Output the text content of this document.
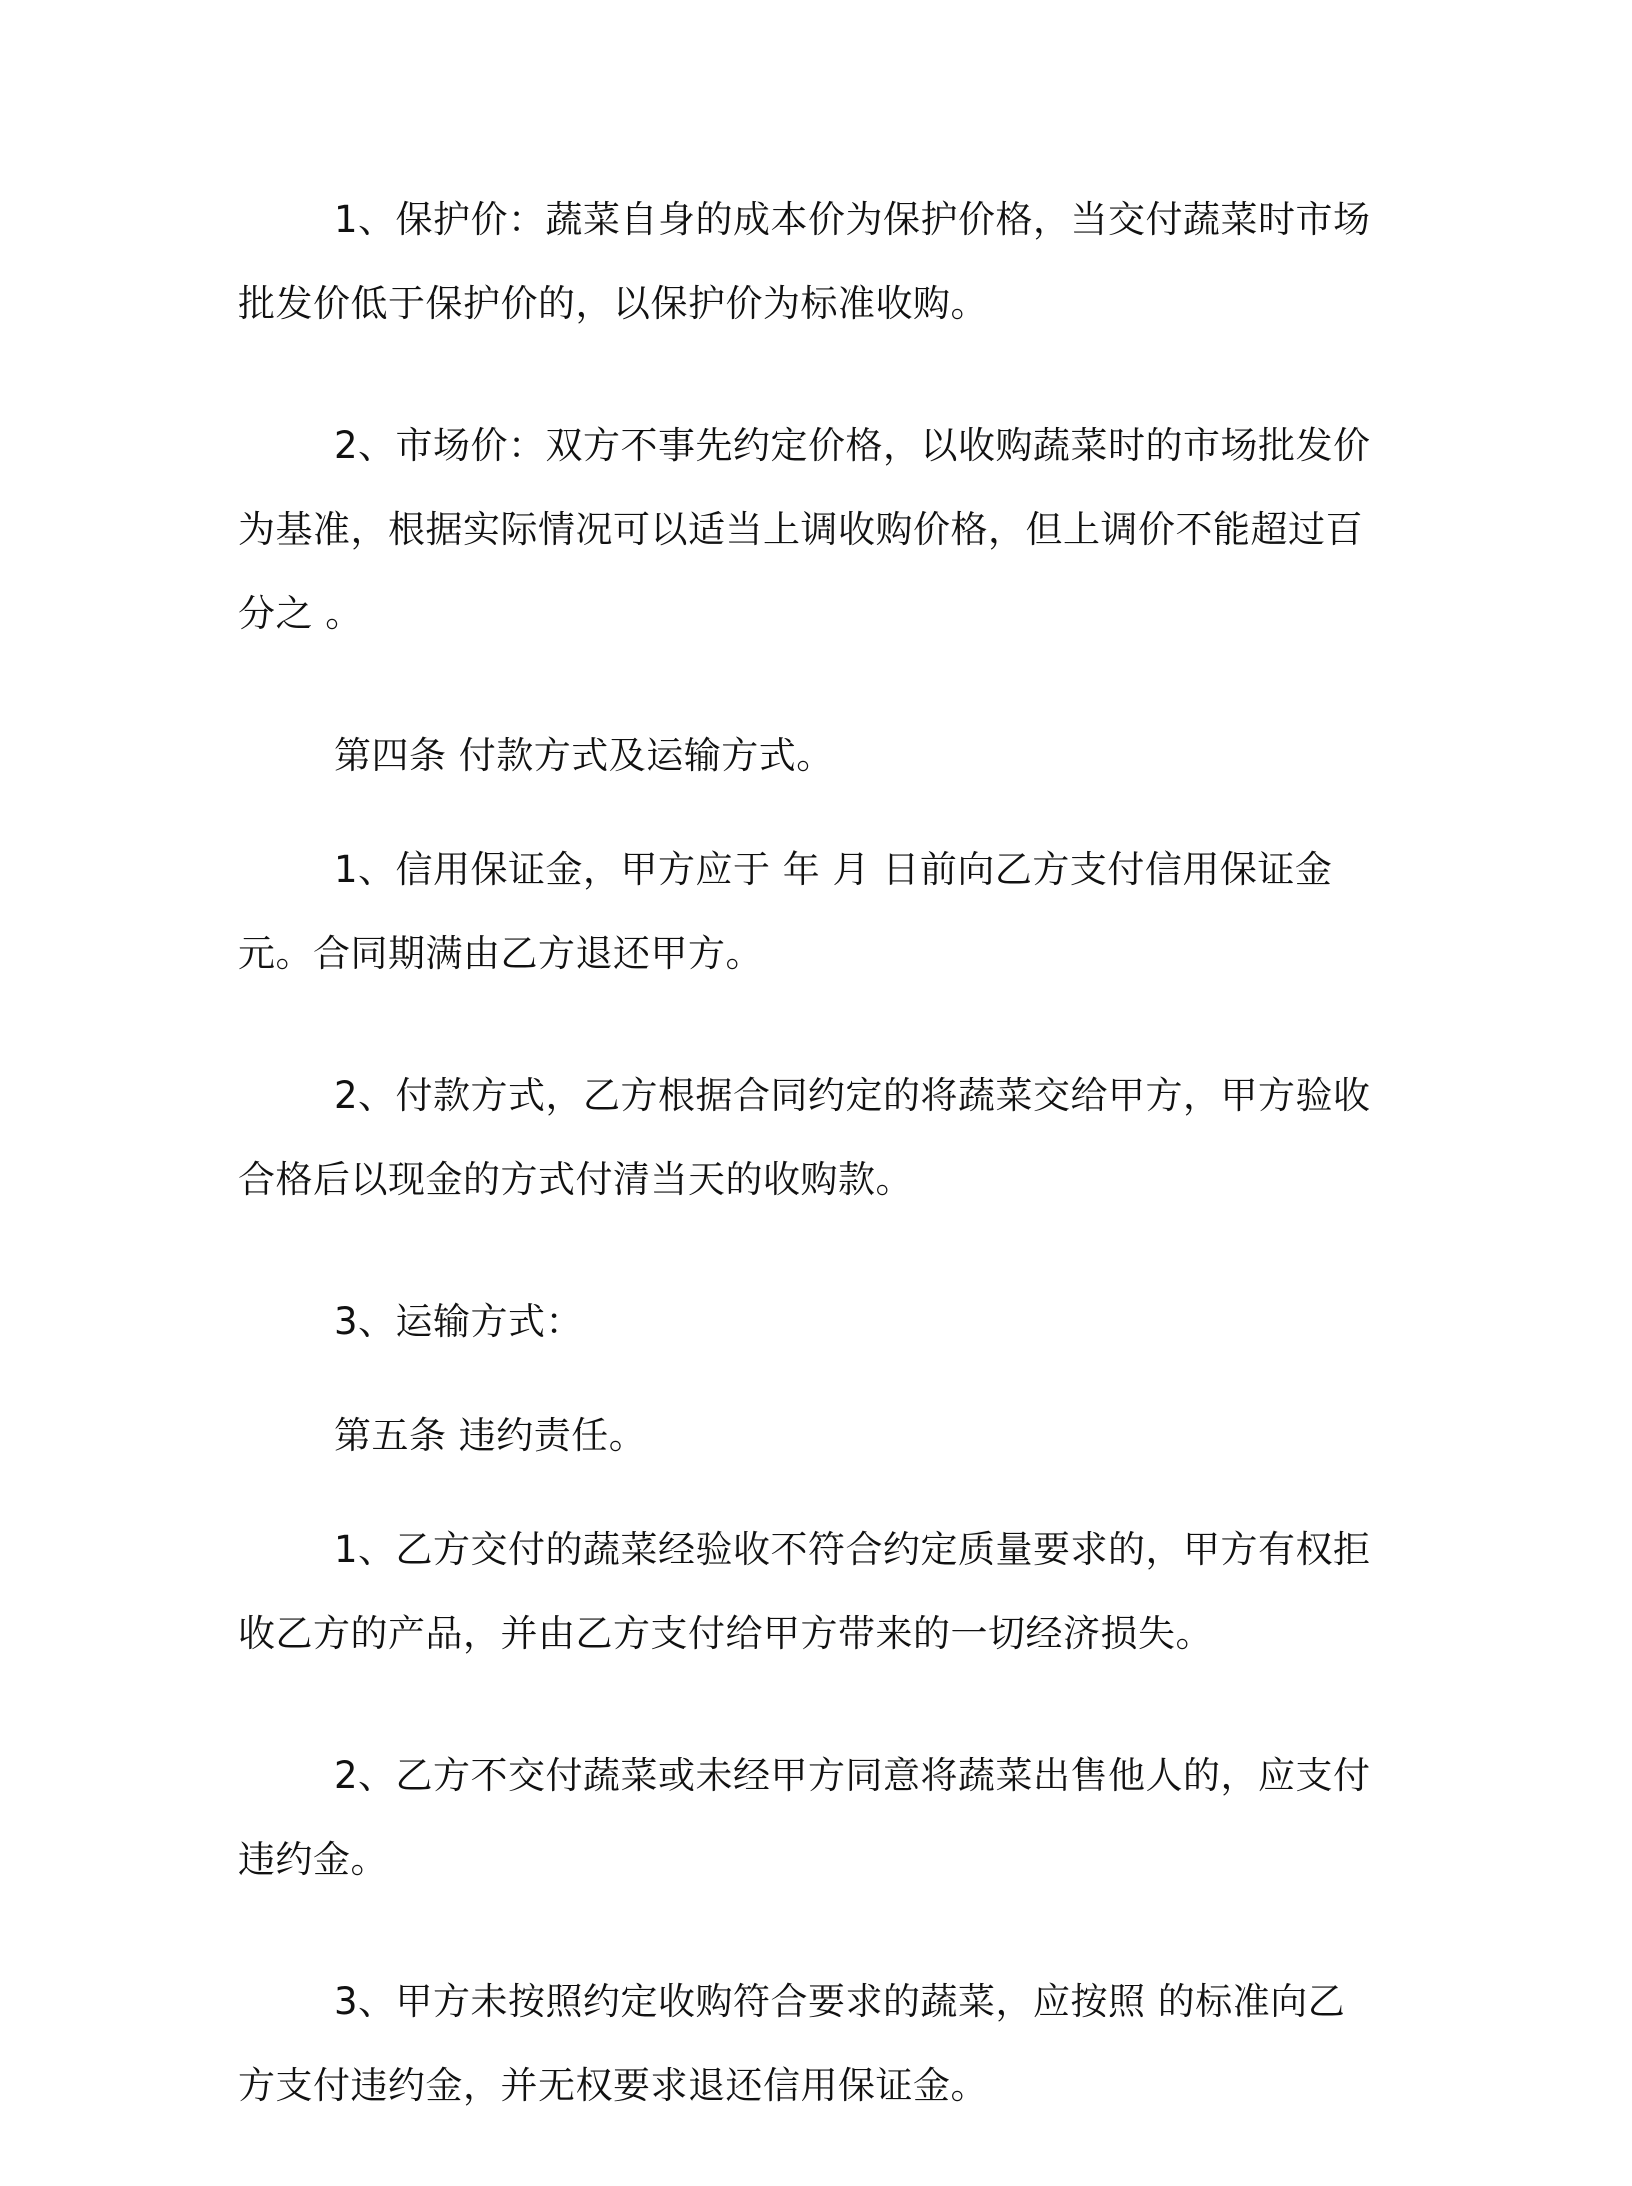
1、保护价：蔬菜自身的成本价为保护价格，当交付蔬菜时市场批发价低于保护价的，以保护价为标准收购。

2、市场价：双方不事先约定价格，以收购蔬菜时的市场批发价为基准，根据实际情况可以适当上调收购价格，但上调价不能超过百分之 。

第四条 付款方式及运输方式。

1、信用保证金，甲方应于 年 月 日前向乙方支付信用保证金 元。合同期满由乙方退还甲方。

2、付款方式，乙方根据合同约定的将蔬菜交给甲方，甲方验收合格后以现金的方式付清当天的收购款。

3、运输方式：

第五条 违约责任。

1、乙方交付的蔬菜经验收不符合约定质量要求的，甲方有权拒收乙方的产品，并由乙方支付给甲方带来的一切经济损失。

2、乙方不交付蔬菜或未经甲方同意将蔬菜出售他人的，应支付违约金。

3、甲方未按照约定收购符合要求的蔬菜，应按照 的标准向乙方支付违约金，并无权要求退还信用保证金。
